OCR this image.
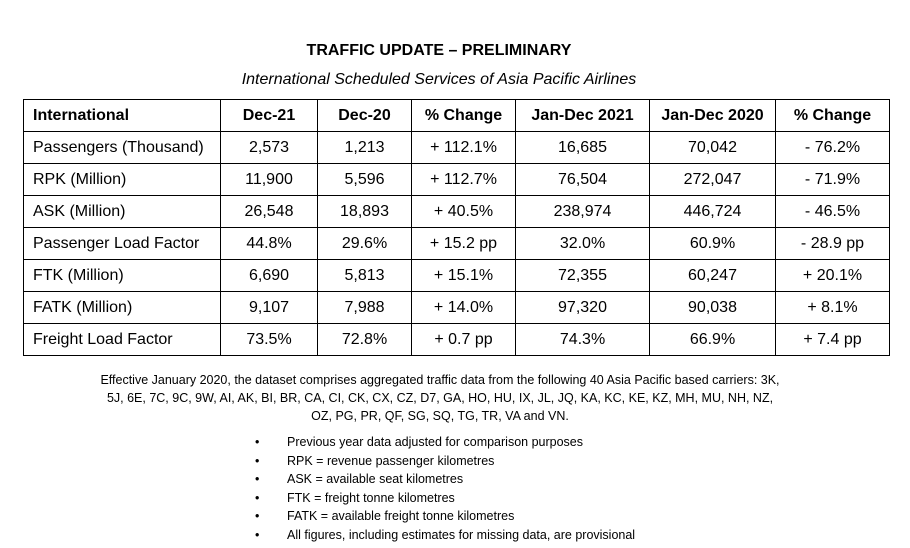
TRAFFIC UPDATE – PRELIMINARY
International Scheduled Services of Asia Pacific Airlines
International	Dec-21	Dec-20	% Change	Jan-Dec 2021	Jan-Dec 2020	% Change
Passengers (Thousand)	2,573	1,213	+ 112.1%	16,685	70,042	- 76.2%
RPK (Million)	11,900	5,596	+ 112.7%	76,504	272,047	- 71.9%
ASK (Million)	26,548	18,893	+ 40.5%	238,974	446,724	- 46.5%
Passenger Load Factor	44.8%	29.6%	+ 15.2 pp	32.0%	60.9%	- 28.9 pp
FTK (Million)	6,690	5,813	+ 15.1%	72,355	60,247	+ 20.1%
FATK (Million)	9,107	7,988	+ 14.0%	97,320	90,038	+ 8.1%
Freight Load Factor	73.5%	72.8%	+ 0.7 pp	74.3%	66.9%	+ 7.4 pp
Effective January 2020, the dataset comprises aggregated traffic data from the following 40 Asia Pacific based carriers: 3K,
5J, 6E, 7C, 9C, 9W, AI, AK, BI, BR, CA, CI, CK, CX, CZ, D7, GA, HO, HU, IX, JL, JQ, KA, KC, KE, KZ, MH, MU, NH, NZ,
OZ, PG, PR, QF, SG, SQ, TG, TR, VA and VN.
• Previous year data adjusted for comparison purposes
• RPK = revenue passenger kilometres
• ASK = available seat kilometres
• FTK = freight tonne kilometres
• FATK = available freight tonne kilometres
• All figures, including estimates for missing data, are provisional
